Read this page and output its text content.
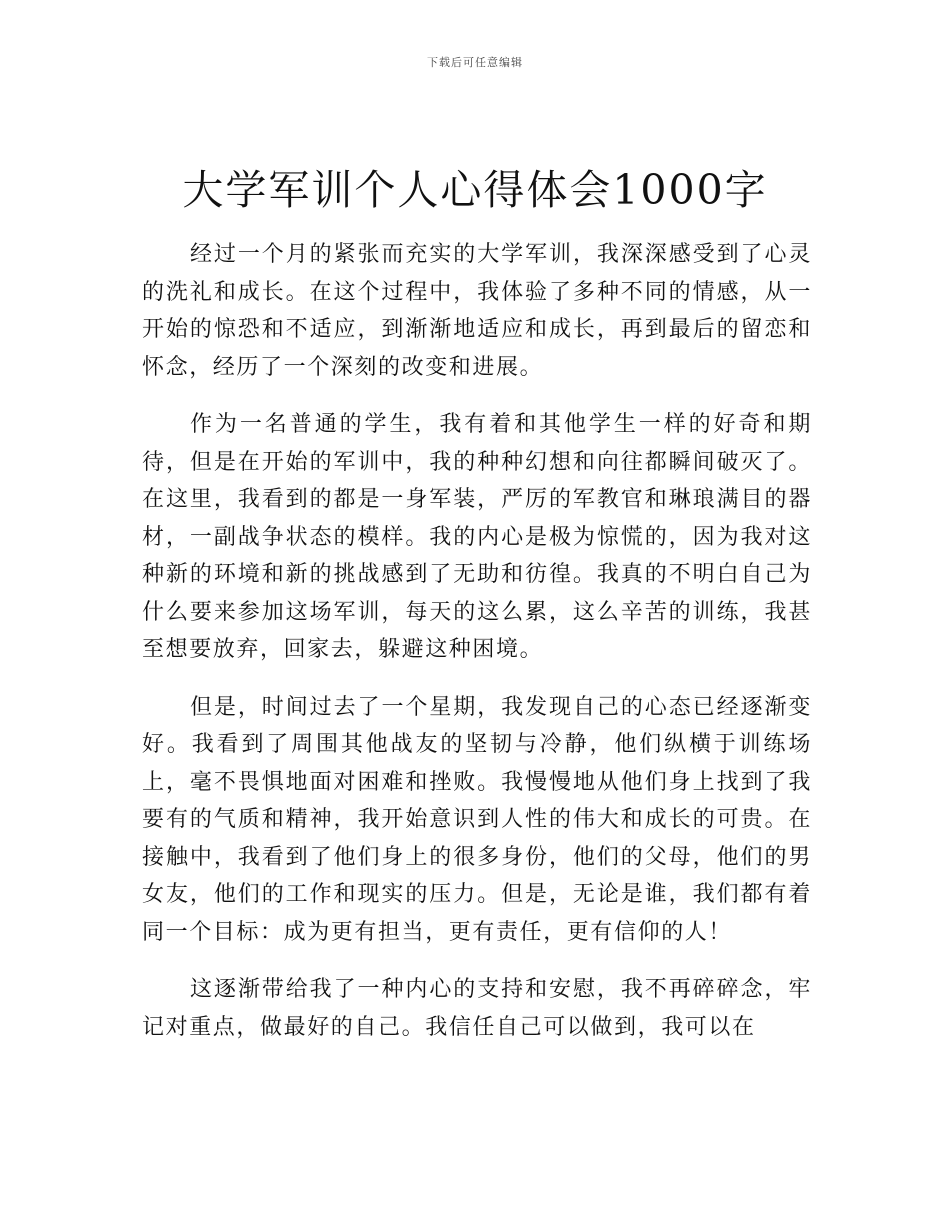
下载后可任意编辑
大学军训个人心得体会1000字

经过一个月的紧张而充实的大学军训，我深深感受到了心灵的洗礼和成长。在这个过程中，我体验了多种不同的情感，从一开始的惊恐和不适应，到渐渐地适应和成长，再到最后的留恋和怀念，经历了一个深刻的改变和进展。

作为一名普通的学生，我有着和其他学生一样的好奇和期待，但是在开始的军训中，我的种种幻想和向往都瞬间破灭了。在这里，我看到的都是一身军装，严厉的军教官和琳琅满目的器材，一副战争状态的模样。我的内心是极为惊慌的，因为我对这种新的环境和新的挑战感到了无助和彷徨。我真的不明白自己为什么要来参加这场军训，每天的这么累，这么辛苦的训练，我甚至想要放弃，回家去，躲避这种困境。

但是，时间过去了一个星期，我发现自己的心态已经逐渐变好。我看到了周围其他战友的坚韧与冷静，他们纵横于训练场上，毫不畏惧地面对困难和挫败。我慢慢地从他们身上找到了我要有的气质和精神，我开始意识到人性的伟大和成长的可贵。在接触中，我看到了他们身上的很多身份，他们的父母，他们的男女友，他们的工作和现实的压力。但是，无论是谁，我们都有着同一个目标：成为更有担当，更有责任，更有信仰的人！

这逐渐带给我了一种内心的支持和安慰，我不再碎碎念，牢记对重点，做最好的自己。我信任自己可以做到，我可以在
